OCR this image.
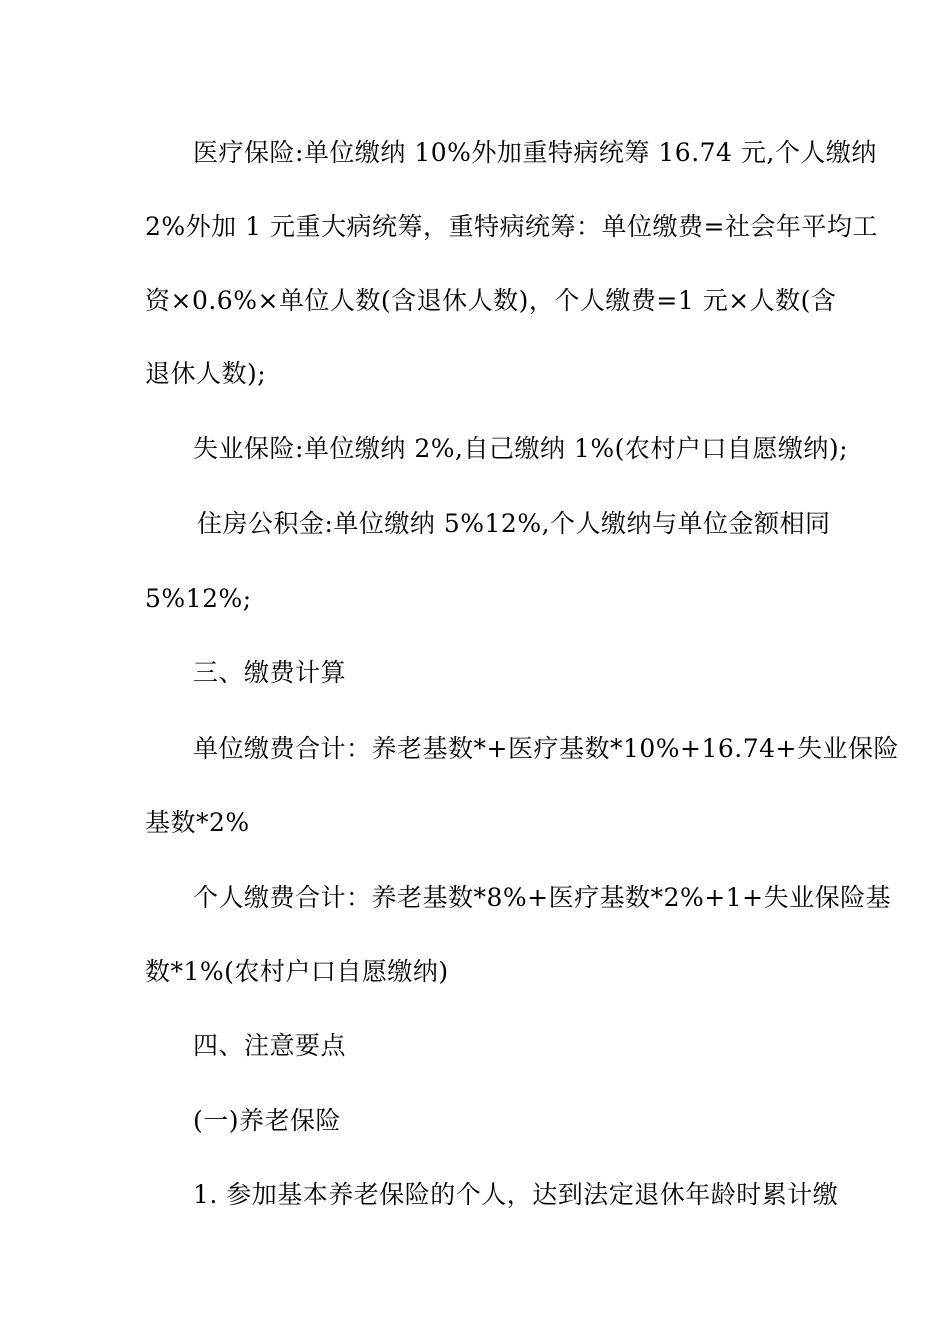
医疗保险:单位缴纳 10%外加重特病统筹 16.74 元,个人缴纳
2%外加 1 元重大病统筹，重特病统筹：单位缴费=社会年平均工
资×0.6%×单位人数(含退休人数)，个人缴费=1 元×人数(含
退休人数);
失业保险:单位缴纳 2%,自己缴纳 1%(农村户口自愿缴纳);
住房公积金:单位缴纳 5%12%,个人缴纳与单位金额相同
5%12%;
三、缴费计算
单位缴费合计：养老基数*+医疗基数*10%+16.74+失业保险
基数*2%
个人缴费合计：养老基数*8%+医疗基数*2%+1+失业保险基
数*1%(农村户口自愿缴纳)
四、注意要点
(一)养老保险
1. 参加基本养老保险的个人，达到法定退休年龄时累计缴
